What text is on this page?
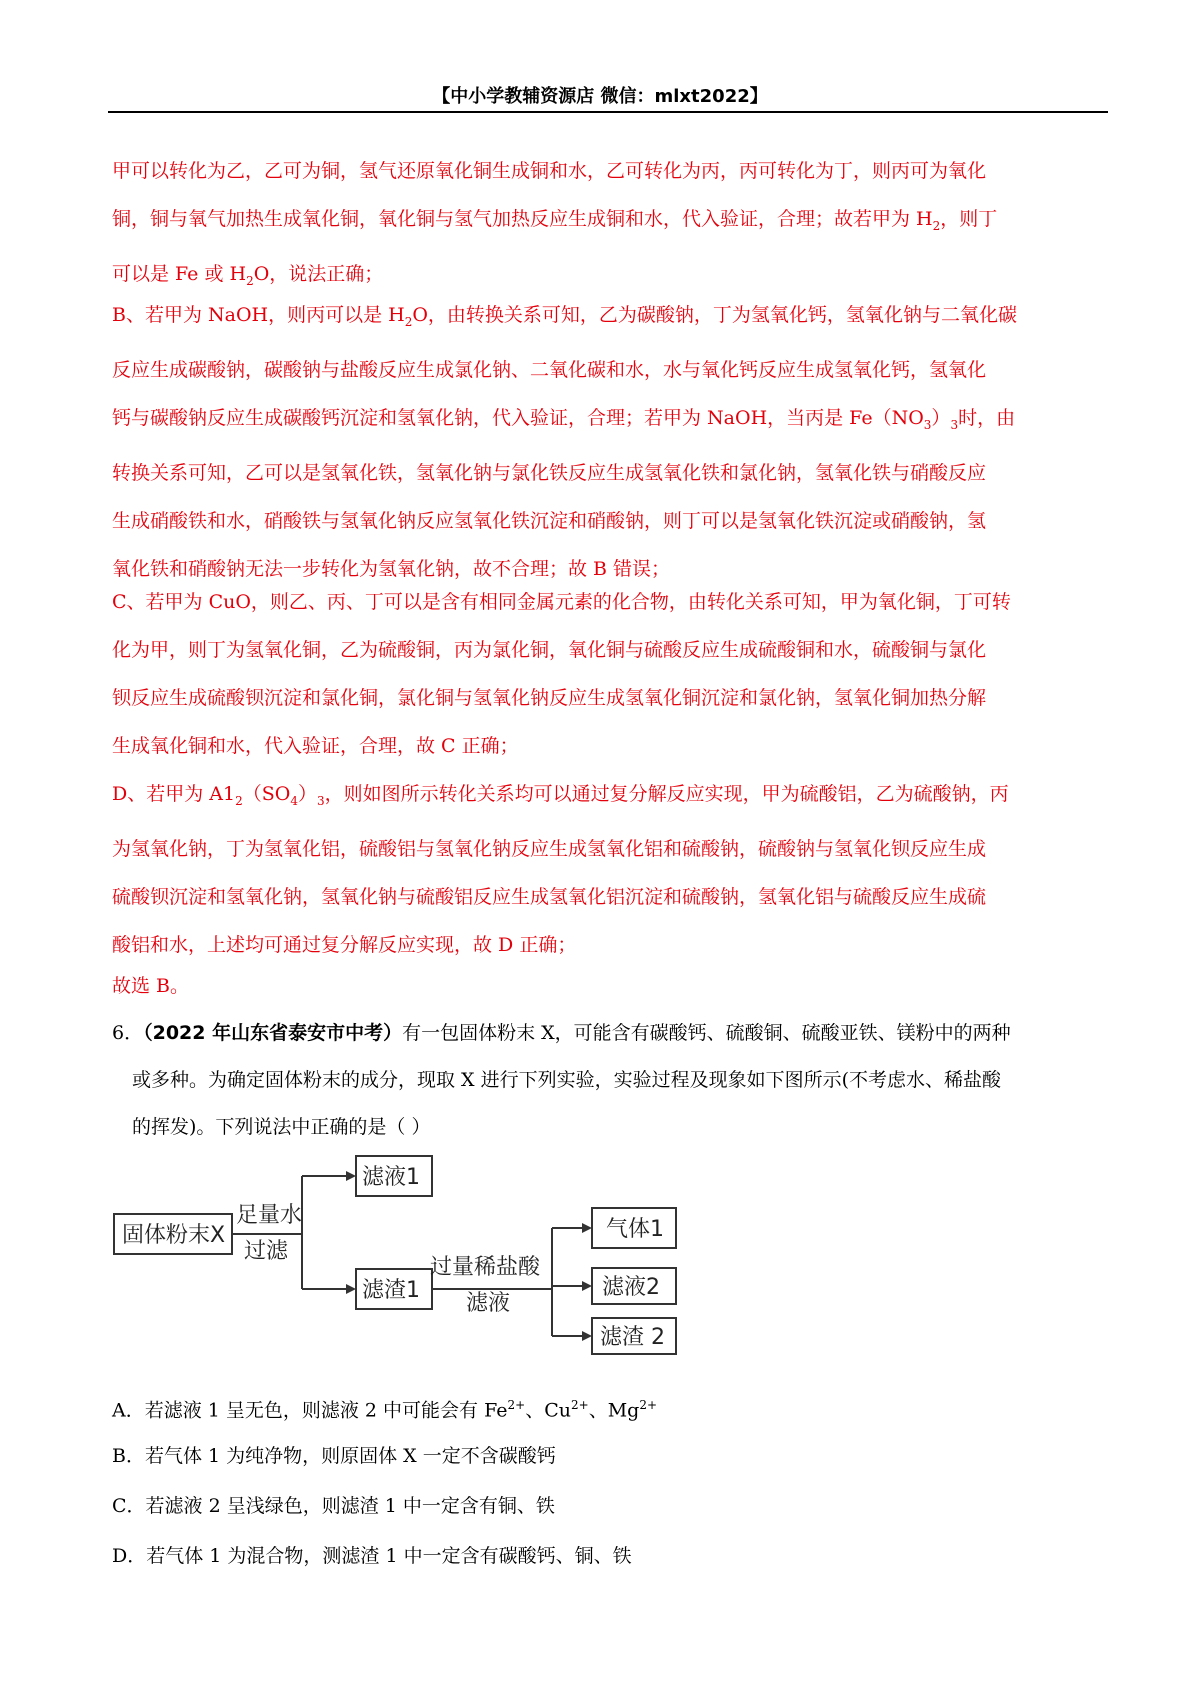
【中小学教辅资源店 微信：mlxt2022】
甲可以转化为乙，乙可为铜，氢气还原氧化铜生成铜和水，乙可转化为丙，丙可转化为丁，则丙可为氧化
铜，铜与氧气加热生成氧化铜，氧化铜与氢气加热反应生成铜和水，代入验证，合理；故若甲为 $H_2$，则丁
可以是 Fe 或 $H_2O$，说法正确；
B、若甲为 NaOH，则丙可以是 $H_2O$，由转换关系可知，乙为碳酸钠，丁为氢氧化钙，氢氧化钠与二氧化碳
反应生成碳酸钠，碳酸钠与盐酸反应生成氯化钠、二氧化碳和水，水与氧化钙反应生成氢氧化钙，氢氧化
钙与碳酸钠反应生成碳酸钙沉淀和氢氧化钠，代入验证，合理；若甲为 NaOH，当丙是 $Fe(NO_3)_3$时，由
转换关系可知，乙可以是氢氧化铁，氢氧化钠与氯化铁反应生成氢氧化铁和氯化钠，氢氧化铁与硝酸反应
生成硝酸铁和水，硝酸铁与氢氧化钠反应氢氧化铁沉淀和硝酸钠，则丁可以是氢氧化铁沉淀或硝酸钠，氢
氧化铁和硝酸钠无法一步转化为氢氧化钠，故不合理；故 B 错误；
C、若甲为 CuO，则乙、丙、丁可以是含有相同金属元素的化合物，由转化关系可知，甲为氧化铜，丁可转
化为甲，则丁为氢氧化铜，乙为硫酸铜，丙为氯化铜，氧化铜与硫酸反应生成硫酸铜和水，硫酸铜与氯化
钡反应生成硫酸钡沉淀和氯化铜，氯化铜与氢氧化钠反应生成氢氧化铜沉淀和氯化钠，氢氧化铜加热分解
生成氧化铜和水，代入验证，合理，故 C 正确；
D、若甲为 $A1_2(SO_4)_3$，则如图所示转化关系均可以通过复分解反应实现，甲为硫酸铝，乙为硫酸钠，丙
为氢氧化钠，丁为氢氧化铝，硫酸铝与氢氧化钠反应生成氢氧化铝和硫酸钠，硫酸钠与氢氧化钡反应生成
硫酸钡沉淀和氢氧化钠，氢氧化钠与硫酸铝反应生成氢氧化铝沉淀和硫酸钠，氢氧化铝与硫酸反应生成硫
酸铝和水，上述均可通过复分解反应实现，故 D 正确；
故选 B。
6．（2022 年山东省泰安市中考）有一包固体粉末 X，可能含有碳酸钙、硫酸铜、硫酸亚铁、镁粉中的两种
或多种。为确定固体粉末的成分，现取 X 进行下列实验，实验过程及现象如下图所示(不考虑水、稀盐酸
的挥发)。下列说法中正确的是（ ）
固体粉末X
足量水
过滤
滤液1
滤渣1
过量稀盐酸
滤液
气体1
滤液2
滤渣 2
A．若滤液 1 呈无色，则滤液 2 中可能会有 $Fe^{2+}$、$Cu^{2+}$、$Mg^{2+}$
B．若气体 1 为纯净物，则原固体 X 一定不含碳酸钙
C．若滤液 2 呈浅绿色，则滤渣 1 中一定含有铜、铁
D．若气体 1 为混合物，测滤渣 1 中一定含有碳酸钙、铜、铁
